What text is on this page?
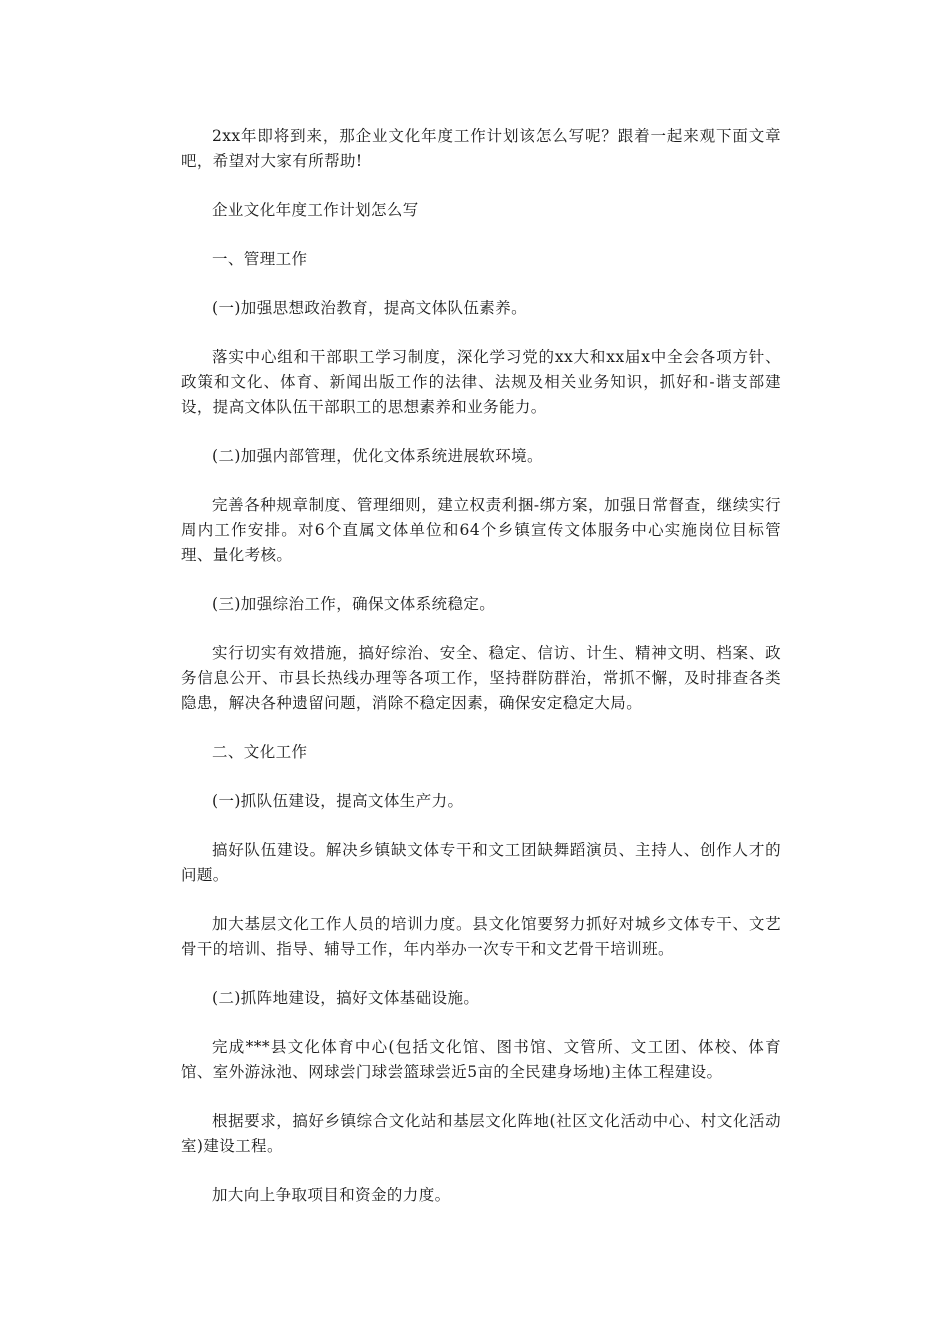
2xx年即将到来，那企业文化年度工作计划该怎么写呢？跟着一起来观下面文章吧，希望对大家有所帮助!

企业文化年度工作计划怎么写

一、管理工作

(一)加强思想政治教育，提高文体队伍素养。

落实中心组和干部职工学习制度，深化学习党的xx大和xx届x中全会各项方针、政策和文化、体育、新闻出版工作的法律、法规及相关业务知识，抓好和-谐支部建设，提高文体队伍干部职工的思想素养和业务能力。

(二)加强内部管理，优化文体系统进展软环境。

完善各种规章制度、管理细则，建立权责利捆-绑方案，加强日常督查，继续实行周内工作安排。对6个直属文体单位和64个乡镇宣传文体服务中心实施岗位目标管理、量化考核。

(三)加强综治工作，确保文体系统稳定。

实行切实有效措施，搞好综治、安全、稳定、信访、计生、精神文明、档案、政务信息公开、市县长热线办理等各项工作，坚持群防群治，常抓不懈，及时排查各类隐患，解决各种遗留问题，消除不稳定因素，确保安定稳定大局。

二、文化工作

(一)抓队伍建设，提高文体生产力。

搞好队伍建设。解决乡镇缺文体专干和文工团缺舞蹈演员、主持人、创作人才的问题。

加大基层文化工作人员的培训力度。县文化馆要努力抓好对城乡文体专干、文艺骨干的培训、指导、辅导工作，年内举办一次专干和文艺骨干培训班。

(二)抓阵地建设，搞好文体基础设施。

完成***县文化体育中心(包括文化馆、图书馆、文管所、文工团、体校、体育馆、室外游泳池、网球尝门球尝篮球尝近5亩的全民建身场地)主体工程建设。

根据要求，搞好乡镇综合文化站和基层文化阵地(社区文化活动中心、村文化活动室)建设工程。

加大向上争取项目和资金的力度。
